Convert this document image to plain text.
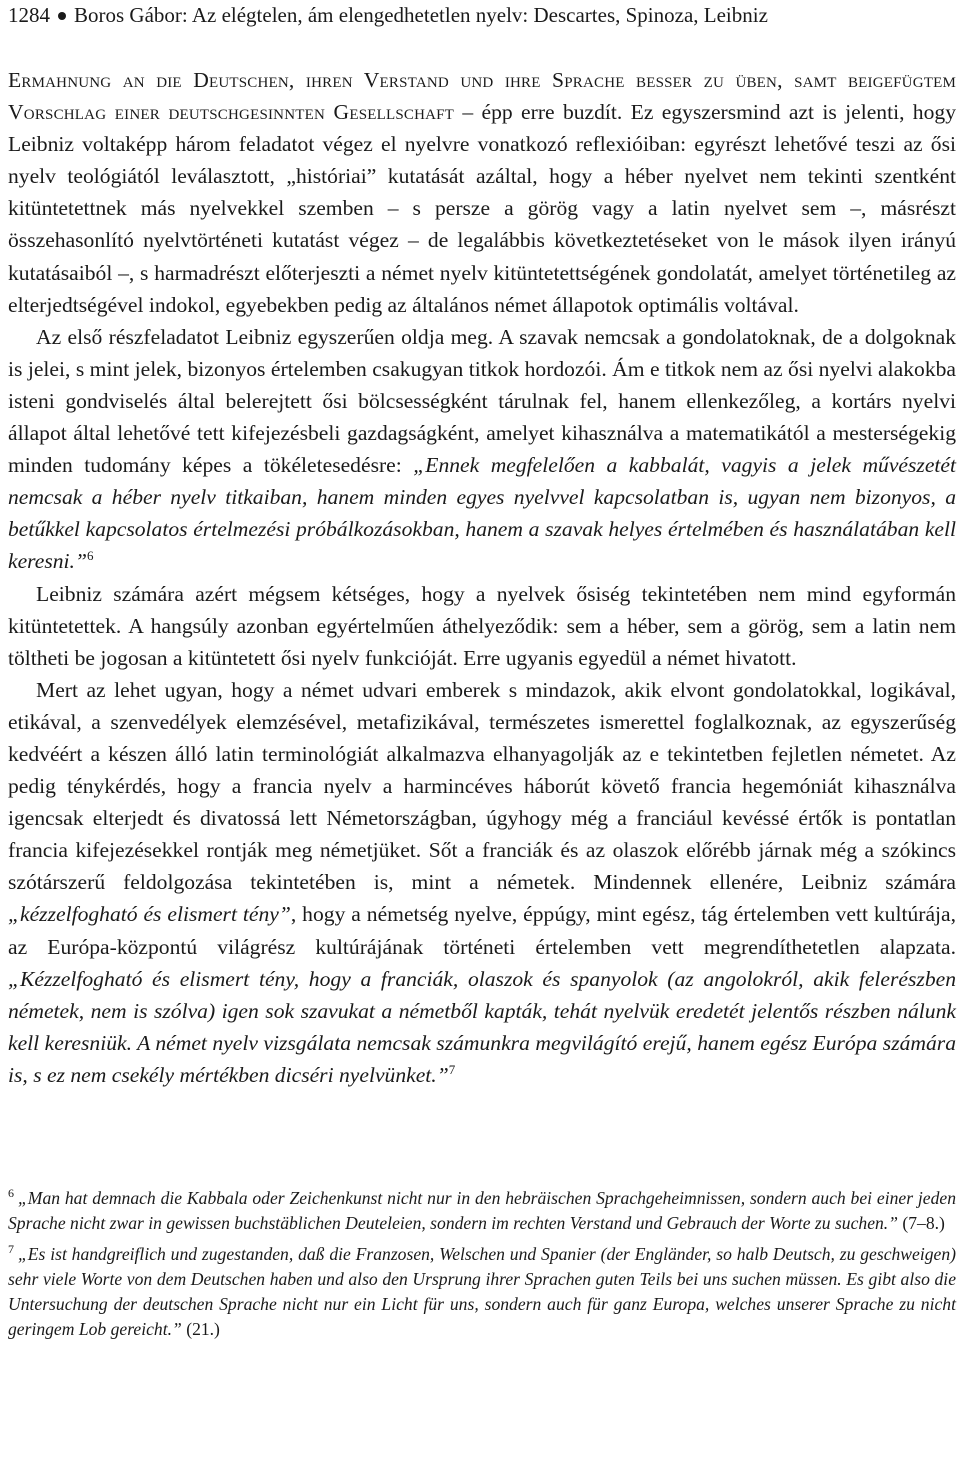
1284 Boros Gábor: Az elégtelen, ám elengedhetetlen nyelv: Descartes, Spinoza, Leibniz

Ermahnung an die Deutschen, ihren Verstand und ihre Sprache besser zu üben, samt beigefügtem Vorschlag einer deutschgesinnten Gesellschaft – épp erre buzdít. Ez egyszersmind azt is jelenti, hogy Leibniz voltaképp három feladatot végez el nyelvre vonatkozó reflexióiban: egyrészt lehetővé teszi az ősi nyelv teológiától leválasztott, „históriai” kutatását azáltal, hogy a héber nyelvet nem tekinti szentként kitüntetettnek más nyelvekkel szemben – s persze a görög vagy a latin nyelvet sem –, másrészt összehasonlító nyelvtörténeti kutatást végez – de legalábbis következtetéseket von le mások ilyen irányú kutatásaiból –, s harmadrészt előterjeszti a német nyelv kitüntetettségének gondolatát, amelyet történetileg az elterjedtségével indokol, egyebekben pedig az általános német állapotok optimális voltával.

Az első részfeladatot Leibniz egyszerűen oldja meg. A szavak nemcsak a gondolatoknak, de a dolgoknak is jelei, s mint jelek, bizonyos értelemben csakugyan titkok hordozói. Ám e titkok nem az ősi nyelvi alakokba isteni gondviselés által belerejtett ősi bölcsességként tárulnak fel, hanem ellenkezőleg, a kortárs nyelvi állapot által lehetővé tett kifejezésbeli gazdagságként, amelyet kihasználva a matematikától a mesterségekig minden tudomány képes a tökéletesedésre: „Ennek megfelelően a kabbalát, vagyis a jelek művészetét nemcsak a héber nyelv titkaiban, hanem minden egyes nyelvvel kapcsolatban is, ugyan nem bizonyos, a betűkkel kapcsolatos értelmezési próbálkozásokban, hanem a szavak helyes értelmében és használatában kell keresni.”$^6$

Leibniz számára azért mégsem kétséges, hogy a nyelvek ősiség tekintetében nem mind egyformán kitüntetettek. A hangsúly azonban egyértelműen áthelyeződik: sem a héber, sem a görög, sem a latin nem töltheti be jogosan a kitüntetett ősi nyelv funkcióját. Erre ugyanis egyedül a német hivatott.

Mert az lehet ugyan, hogy a német udvari emberek s mindazok, akik elvont gondolatokkal, logikával, etikával, a szenvedélyek elemzésével, metafizikával, természetes ismerettel foglalkoznak, az egyszerűség kedvéért a készen álló latin terminológiát alkalmazva elhanyagolják az e tekintetben fejletlen németet. Az pedig ténykérdés, hogy a francia nyelv a harmincéves háborút követő francia hegemóniát kihasználva igencsak elterjedt és divatossá lett Németországban, úgyhogy még a franciául kevéssé értők is pontatlan francia kifejezésekkel rontják meg németjüket. Sőt a franciák és az olaszok előrébb járnak még a szókincs szótárszerű feldolgozása tekintetében is, mint a németek. Mindennek ellenére, Leibniz számára „kézzelfogható és elismert tény”, hogy a németség nyelve, éppúgy, mint egész, tág értelemben vett kultúrája, az Európa-központú világrész kultúrájának történeti értelemben vett megrendíthetetlen alapzata. „Kézzelfogható és elismert tény, hogy a franciák, olaszok és spanyolok (az angolokról, akik felerészben németek, nem is szólva) igen sok szavukat a németből kapták, tehát nyelvük eredetét jelentős részben nálunk kell keresniük. A német nyelv vizsgálata nemcsak számunkra megvilágító erejű, hanem egész Európa számára is, s ez nem csekély mértékben dicséri nyelvünket.”$^7$

$^6$ „Man hat demnach die Kabbala oder Zeichenkunst nicht nur in den hebräischen Sprachgeheimnissen, sondern auch bei einer jeden Sprache nicht zwar in gewissen buchstäblichen Deuteleien, sondern im rechten Verstand und Gebrauch der Worte zu suchen.” (7–8.)

$^7$ „Es ist handgreiflich und zugestanden, daß die Franzosen, Welschen und Spanier (der Engländer, so halb Deutsch, zu geschweigen) sehr viele Worte von dem Deutschen haben und also den Ursprung ihrer Sprachen guten Teils bei uns suchen müssen. Es gibt also die Untersuchung der deutschen Sprache nicht nur ein Licht für uns, sondern auch für ganz Europa, welches unserer Sprache zu nicht geringem Lob gereicht.” (21.)
